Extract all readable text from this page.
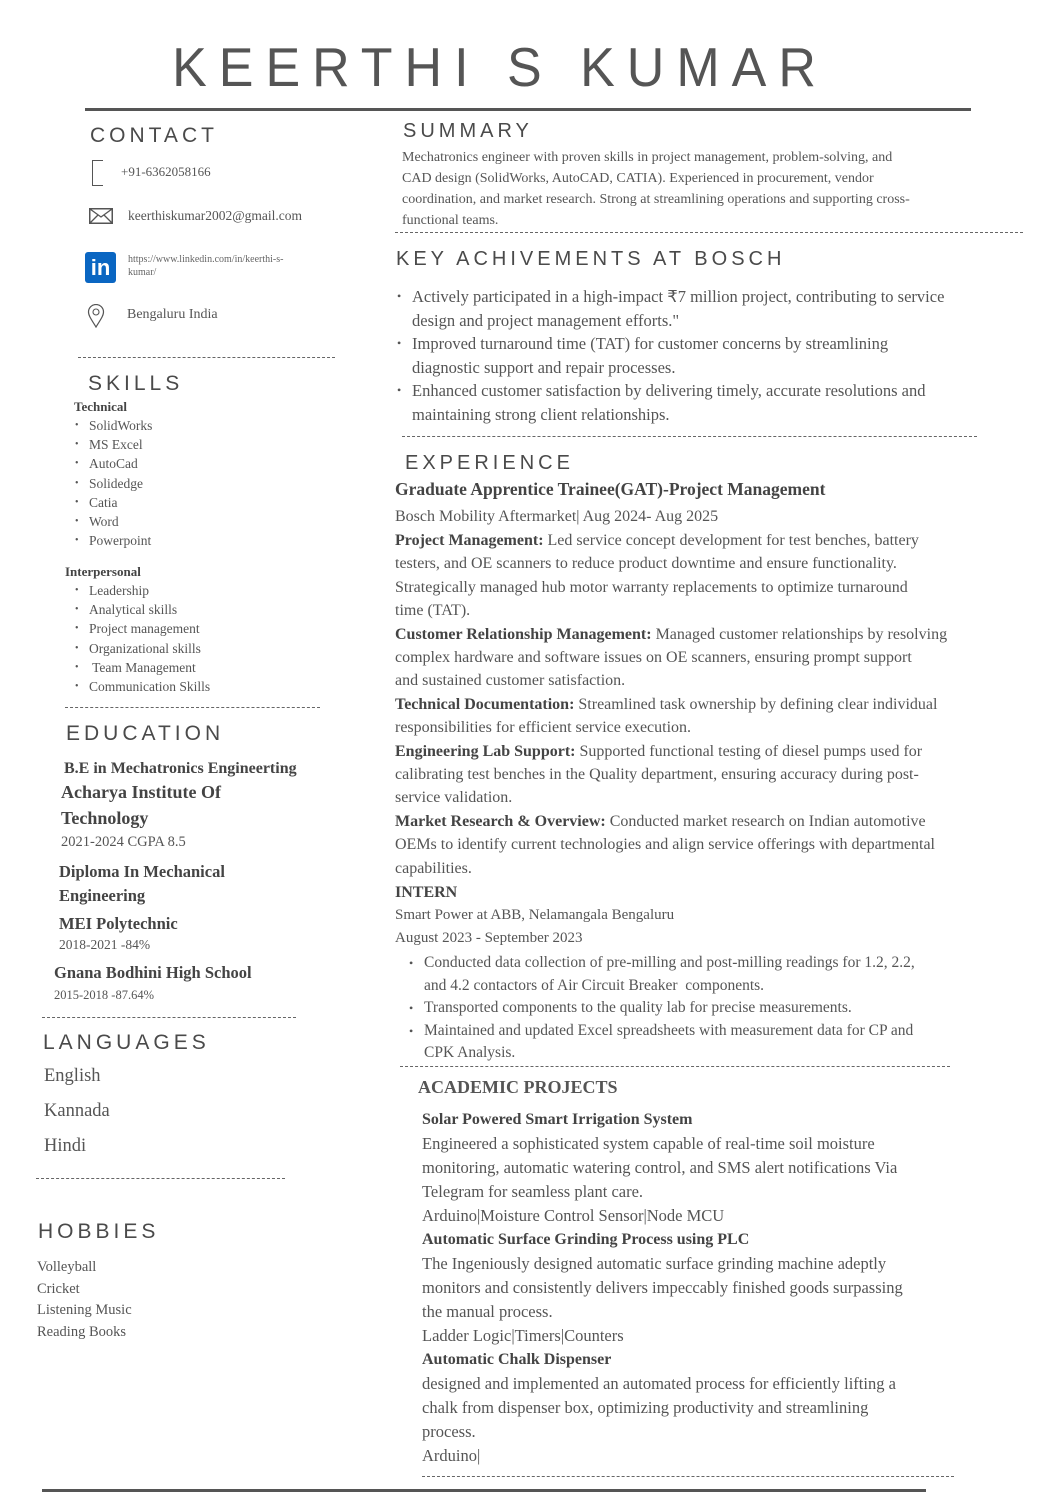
KEERTHI S KUMAR
CONTACT
+91-6362058166
keerthiskumar2002@gmail.com
in	https://www.linkedin.com/in/keerthi-s-
kumar/
Bengaluru India
SKILLS
Technical
• SolidWorks
• MS Excel
• AutoCad
• Solidedge
• Catia
• Word
• Powerpoint
Interpersonal
• Leadership
• Analytical skills
• Project management
• Organizational skills
•  Team Management
• Communication Skills
EDUCATION
B.E in Mechatronics Engineerting
Acharya Institute Of
Technology
2021-2024 CGPA 8.5
Diploma In Mechanical
Engineering
MEI Polytechnic
2018-2021 -84%
Gnana Bodhini High School
2015-2018 -87.64%
LANGUAGES
English
Kannada
Hindi
HOBBIES
Volleyball
Cricket
Listening Music
Reading Books
SUMMARY
Mechatronics engineer with proven skills in project management, problem-solving, and
CAD design (SolidWorks, AutoCAD, CATIA). Experienced in procurement, vendor
coordination, and market research. Strong at streamlining operations and supporting cross-
functional teams.
KEY ACHIVEMENTS AT BOSCH
• Actively participated in a high-impact ₹7 million project, contributing to service
design and project management efforts."
• Improved turnaround time (TAT) for customer concerns by streamlining
diagnostic support and repair processes.
• Enhanced customer satisfaction by delivering timely, accurate resolutions and
maintaining strong client relationships.
EXPERIENCE
Graduate Apprentice Trainee(GAT)-Project Management
Bosch Mobility Aftermarket| Aug 2024- Aug 2025
Project Management: Led service concept development for test benches, battery
testers, and OE scanners to reduce product downtime and ensure functionality.
Strategically managed hub motor warranty replacements to optimize turnaround
time (TAT).
Customer Relationship Management: Managed customer relationships by resolving
complex hardware and software issues on OE scanners, ensuring prompt support
and sustained customer satisfaction.
Technical Documentation: Streamlined task ownership by defining clear individual
responsibilities for efficient service execution.
Engineering Lab Support: Supported functional testing of diesel pumps used for
calibrating test benches in the Quality department, ensuring accuracy during post-
service validation.
Market Research & Overview: Conducted market research on Indian automotive
OEMs to identify current technologies and align service offerings with departmental
capabilities.
INTERN
Smart Power at ABB, Nelamangala Bengaluru
August 2023 - September 2023
• Conducted data collection of pre-milling and post-milling readings for 1.2, 2.2,
and 4.2 contactors of Air Circuit Breaker  components.
• Transported components to the quality lab for precise measurements.
• Maintained and updated Excel spreadsheets with measurement data for CP and
CPK Analysis.
ACADEMIC PROJECTS
Solar Powered Smart Irrigation System
Engineered a sophisticated system capable of real-time soil moisture
monitoring, automatic watering control, and SMS alert notifications Via
Telegram for seamless plant care.
Arduino|Moisture Control Sensor|Node MCU
Automatic Surface Grinding Process using PLC
The Ingeniously designed automatic surface grinding machine adeptly
monitors and consistently delivers impeccably finished goods surpassing
the manual process.
Ladder Logic|Timers|Counters
Automatic Chalk Dispenser
designed and implemented an automated process for efficiently lifting a
chalk from dispenser box, optimizing productivity and streamlining
process.
Arduino|
